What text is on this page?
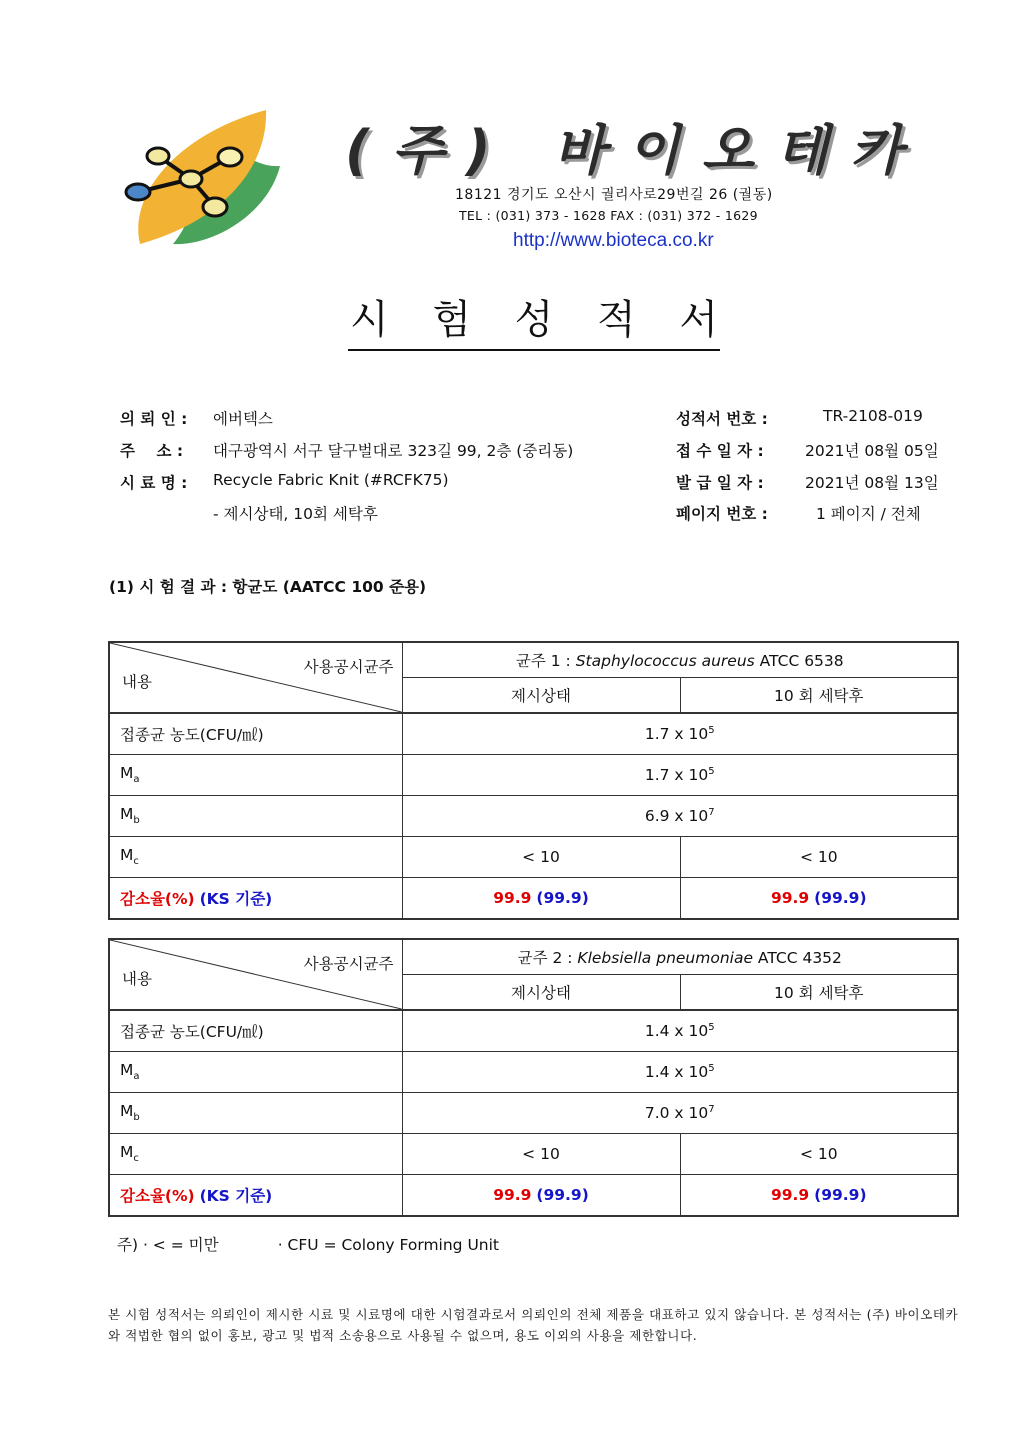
(주) 바이오테카
18121 경기도 오산시 궐리사로29번길 26 (궐동)
TEL : (031) 373 - 1628 FAX : (031) 372 - 1629
http://www.bioteca.co.kr
시 험 성 적 서
의 뢰 인 : 에버텍스
주    소 : 대구광역시 서구 달구벌대로 323길 99, 2층 (중리동)
시 료 명 : Recycle Fabric Knit (#RCFK75)
- 제시상태, 10회 세탁후
성적서 번호 :	TR-2108-019
접 수 일 자 :	2021년 08월 05일
발 급 일 자 :	2021년 08월 13일
페이지 번호 :	1 페이지 / 전체
(1) 시 험 결 과 : 항균도 (AATCC 100 준용)
사용공시균주
내용	균주 1 : Staphylococcus aureus ATCC 6538	
	제시상태	10 회 세탁후
접종균 농도(CFU/㎖)	1.7 x $10^5$
$M_a$	1.7 x $10^5$
$M_b$	6.9 x $10^7$
$M_c$	< 10	< 10
감소율(%) (KS 기준)	99.9 (99.9)	99.9 (99.9)
사용공시균주
내용	균주 2 : Klebsiella pneumoniae ATCC 4352	
	제시상태	10 회 세탁후
접종균 농도(CFU/㎖)	1.4 x $10^5$
$M_a$	1.4 x $10^5$
$M_b$	7.0 x $10^7$
$M_c$	< 10	< 10
감소율(%) (KS 기준)	99.9 (99.9)	99.9 (99.9)
주) · < = 미만            · CFU = Colony Forming Unit
본 시험 성적서는 의뢰인이 제시한 시료 및 시료명에 대한 시험결과로서 의뢰인의 전체 제품을 대표하고 있지 않습니다. 본 성적서는 (주) 바이오테카와 적법한 협의 없이 홍보, 광고 및 법적 소송용으로 사용될 수 없으며, 용도 이외의 사용을 제한합니다.
